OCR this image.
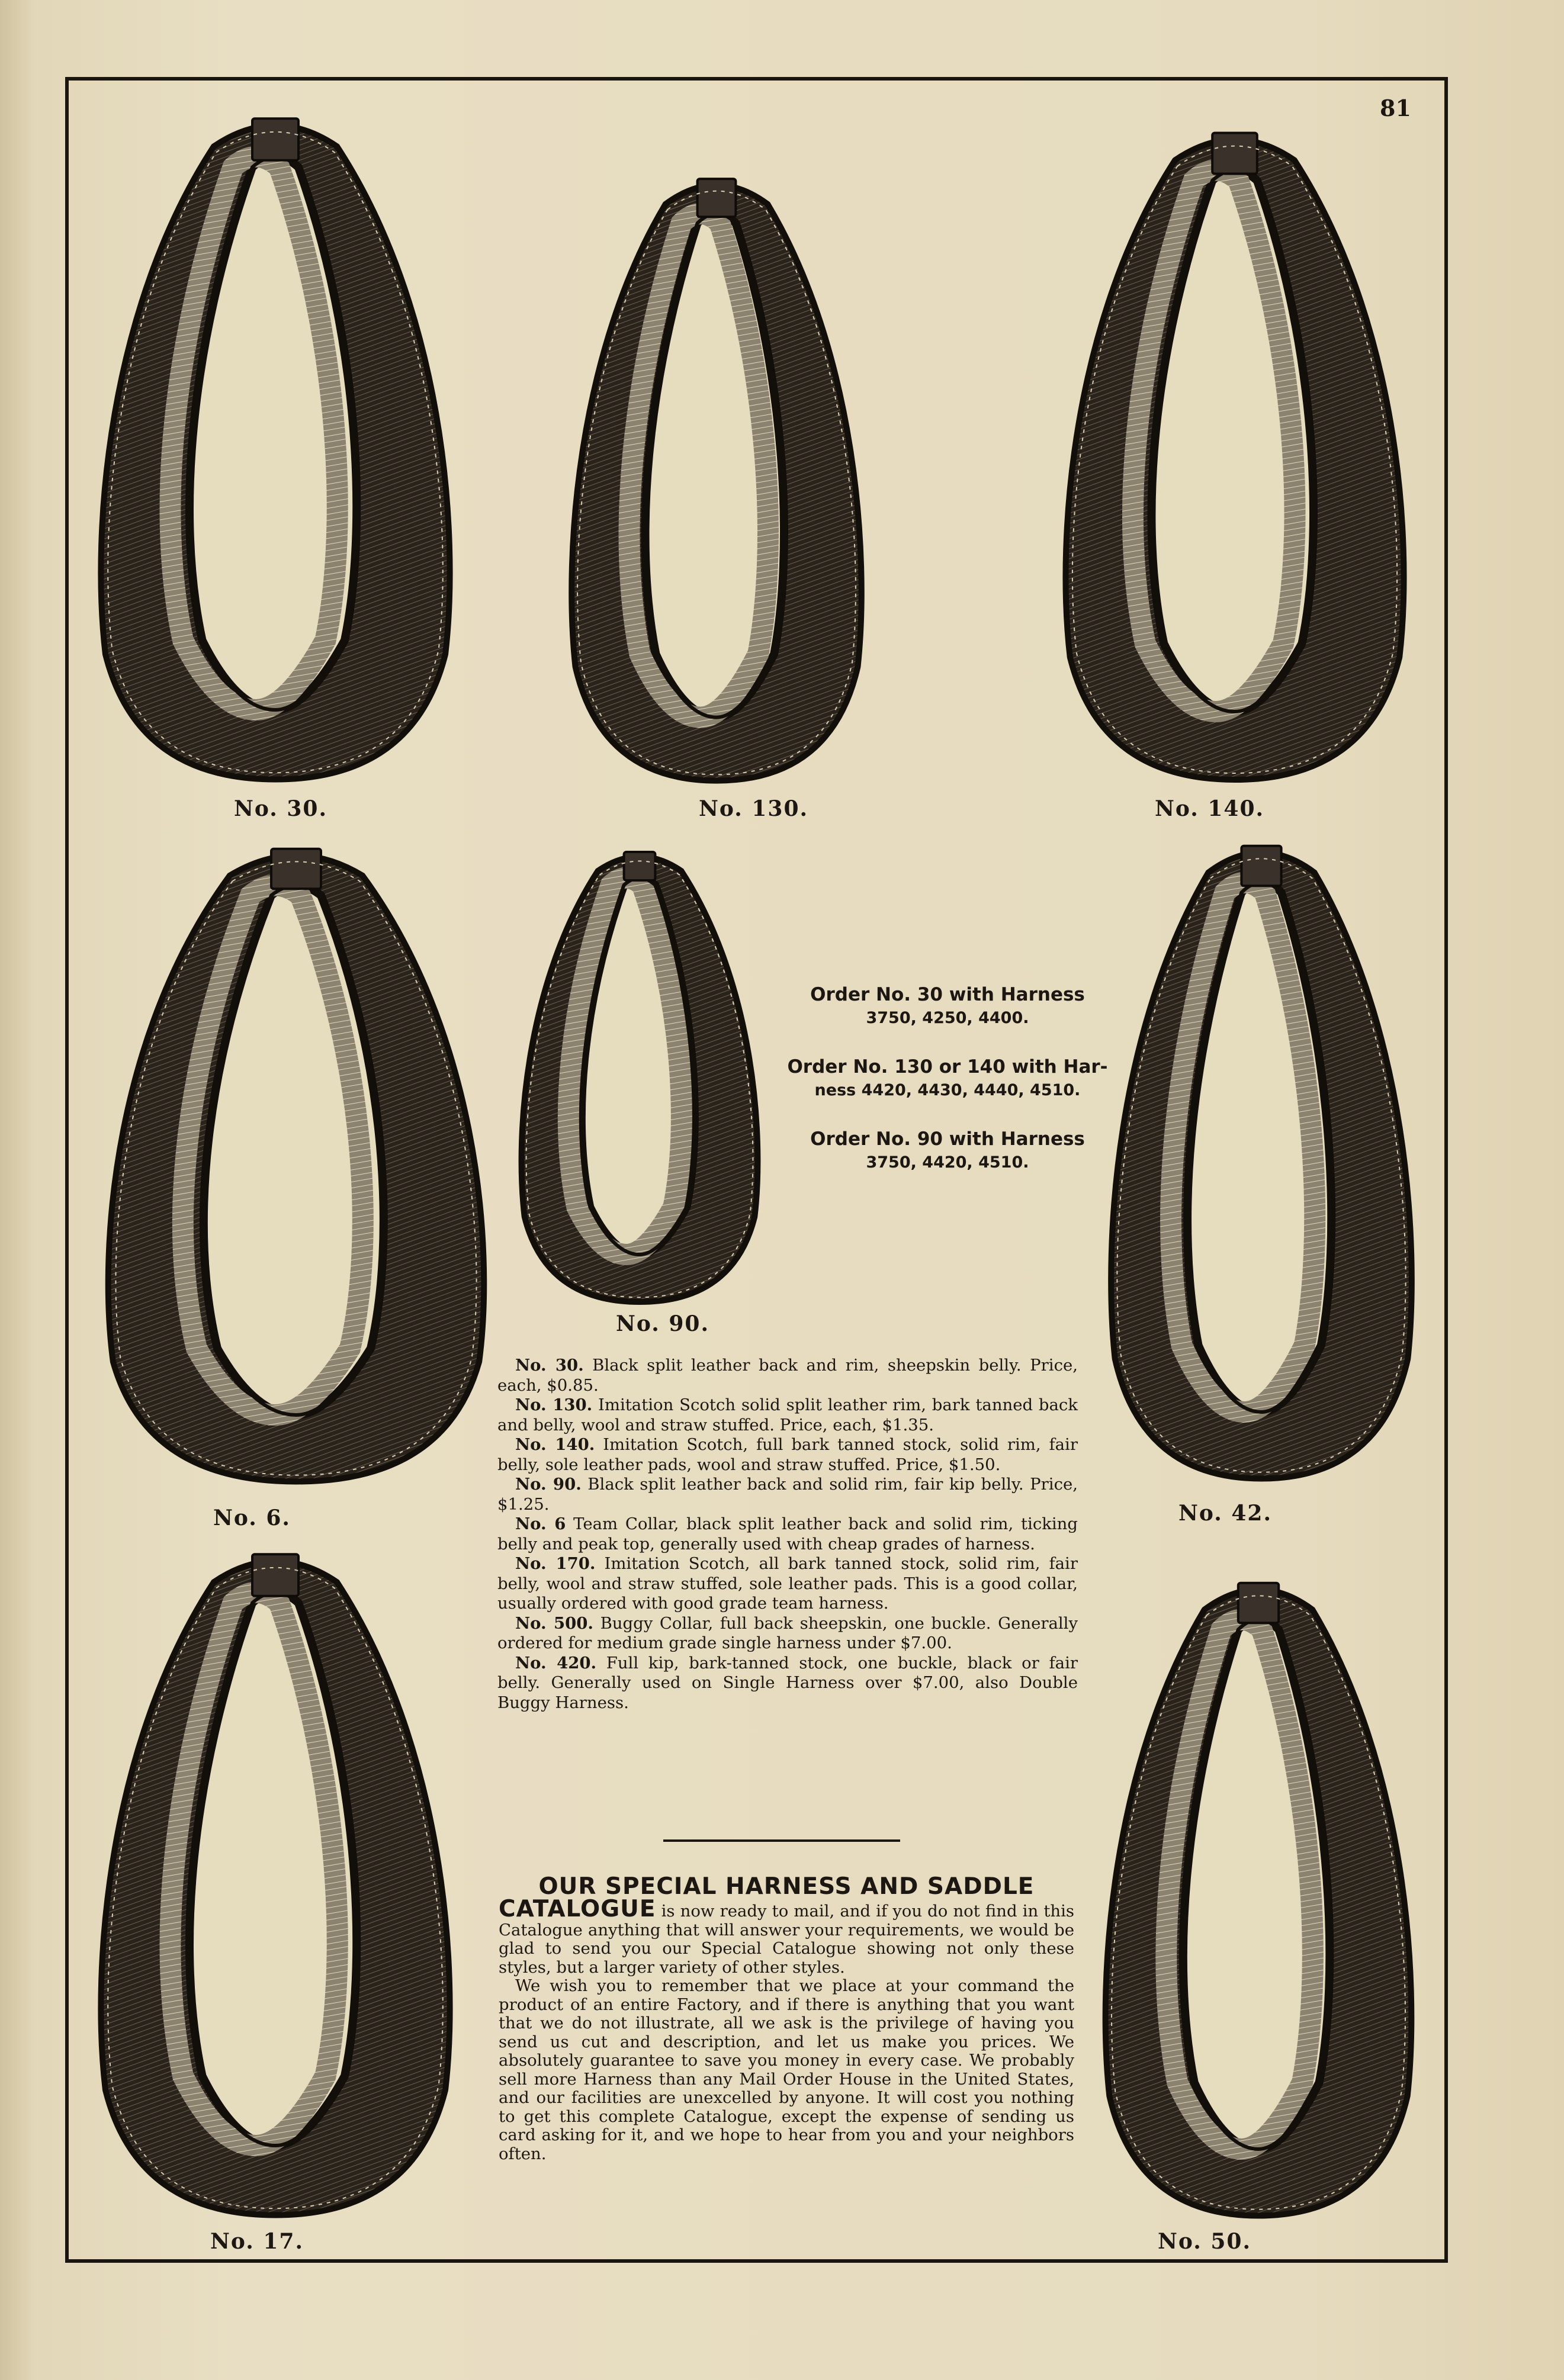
81
No. 30.	No. 130.	No. 140.
No. 6.
No. 90.
No. 42.
No. 17.	No. 50.
Order No. 30 with Harness
3750, 4250, 4400.
Order No. 130 or 140 with Har-
ness 4420, 4430, 4440, 4510.
Order No. 90 with Harness
3750, 4420, 4510.

No. 30. Black split leather back and rim, sheepskin belly. Price, each, $0.85.

No. 130. Imitation Scotch solid split leather rim, bark tanned back and belly, wool and straw stuffed. Price, each, $1.35.

No. 140. Imitation Scotch, full bark tanned stock, solid rim, fair belly, sole leather pads, wool and straw stuffed. Price, $1.50.

No. 90. Black split leather back and solid rim, fair kip belly. Price, $1.25.

No. 6 Team Collar, black split leather back and solid rim, ticking belly and peak top, generally used with cheap grades of harness.

No. 170. Imitation Scotch, all bark tanned stock, solid rim, fair belly, wool and straw stuffed, sole leather pads. This is a good collar, usually ordered with good grade team harness.

No. 500. Buggy Collar, full back sheepskin, one buckle. Generally ordered for medium grade single harness under $7.00.

No. 420. Full kip, bark-tanned stock, one buckle, black or fair belly. Generally used on Single Harness over $7.00, also Double Buggy Harness.

OUR SPECIAL HARNESS AND SADDLE

CATALOGUE is now ready to mail, and if you do not find in this Catalogue anything that will answer your requirements, we would be glad to send you our Special Catalogue showing not only these styles, but a larger variety of other styles.

We wish you to remember that we place at your command the product of an entire Factory, and if there is anything that you want that we do not illustrate, all we ask is the privilege of having you send us cut and description, and let us make you prices. We absolutely guarantee to save you money in every case. We probably sell more Harness than any Mail Order House in the United States, and our facilities are unexcelled by anyone. It will cost you nothing to get this complete Catalogue, except the expense of sending us card asking for it, and we hope to hear from you and your neighbors often.
